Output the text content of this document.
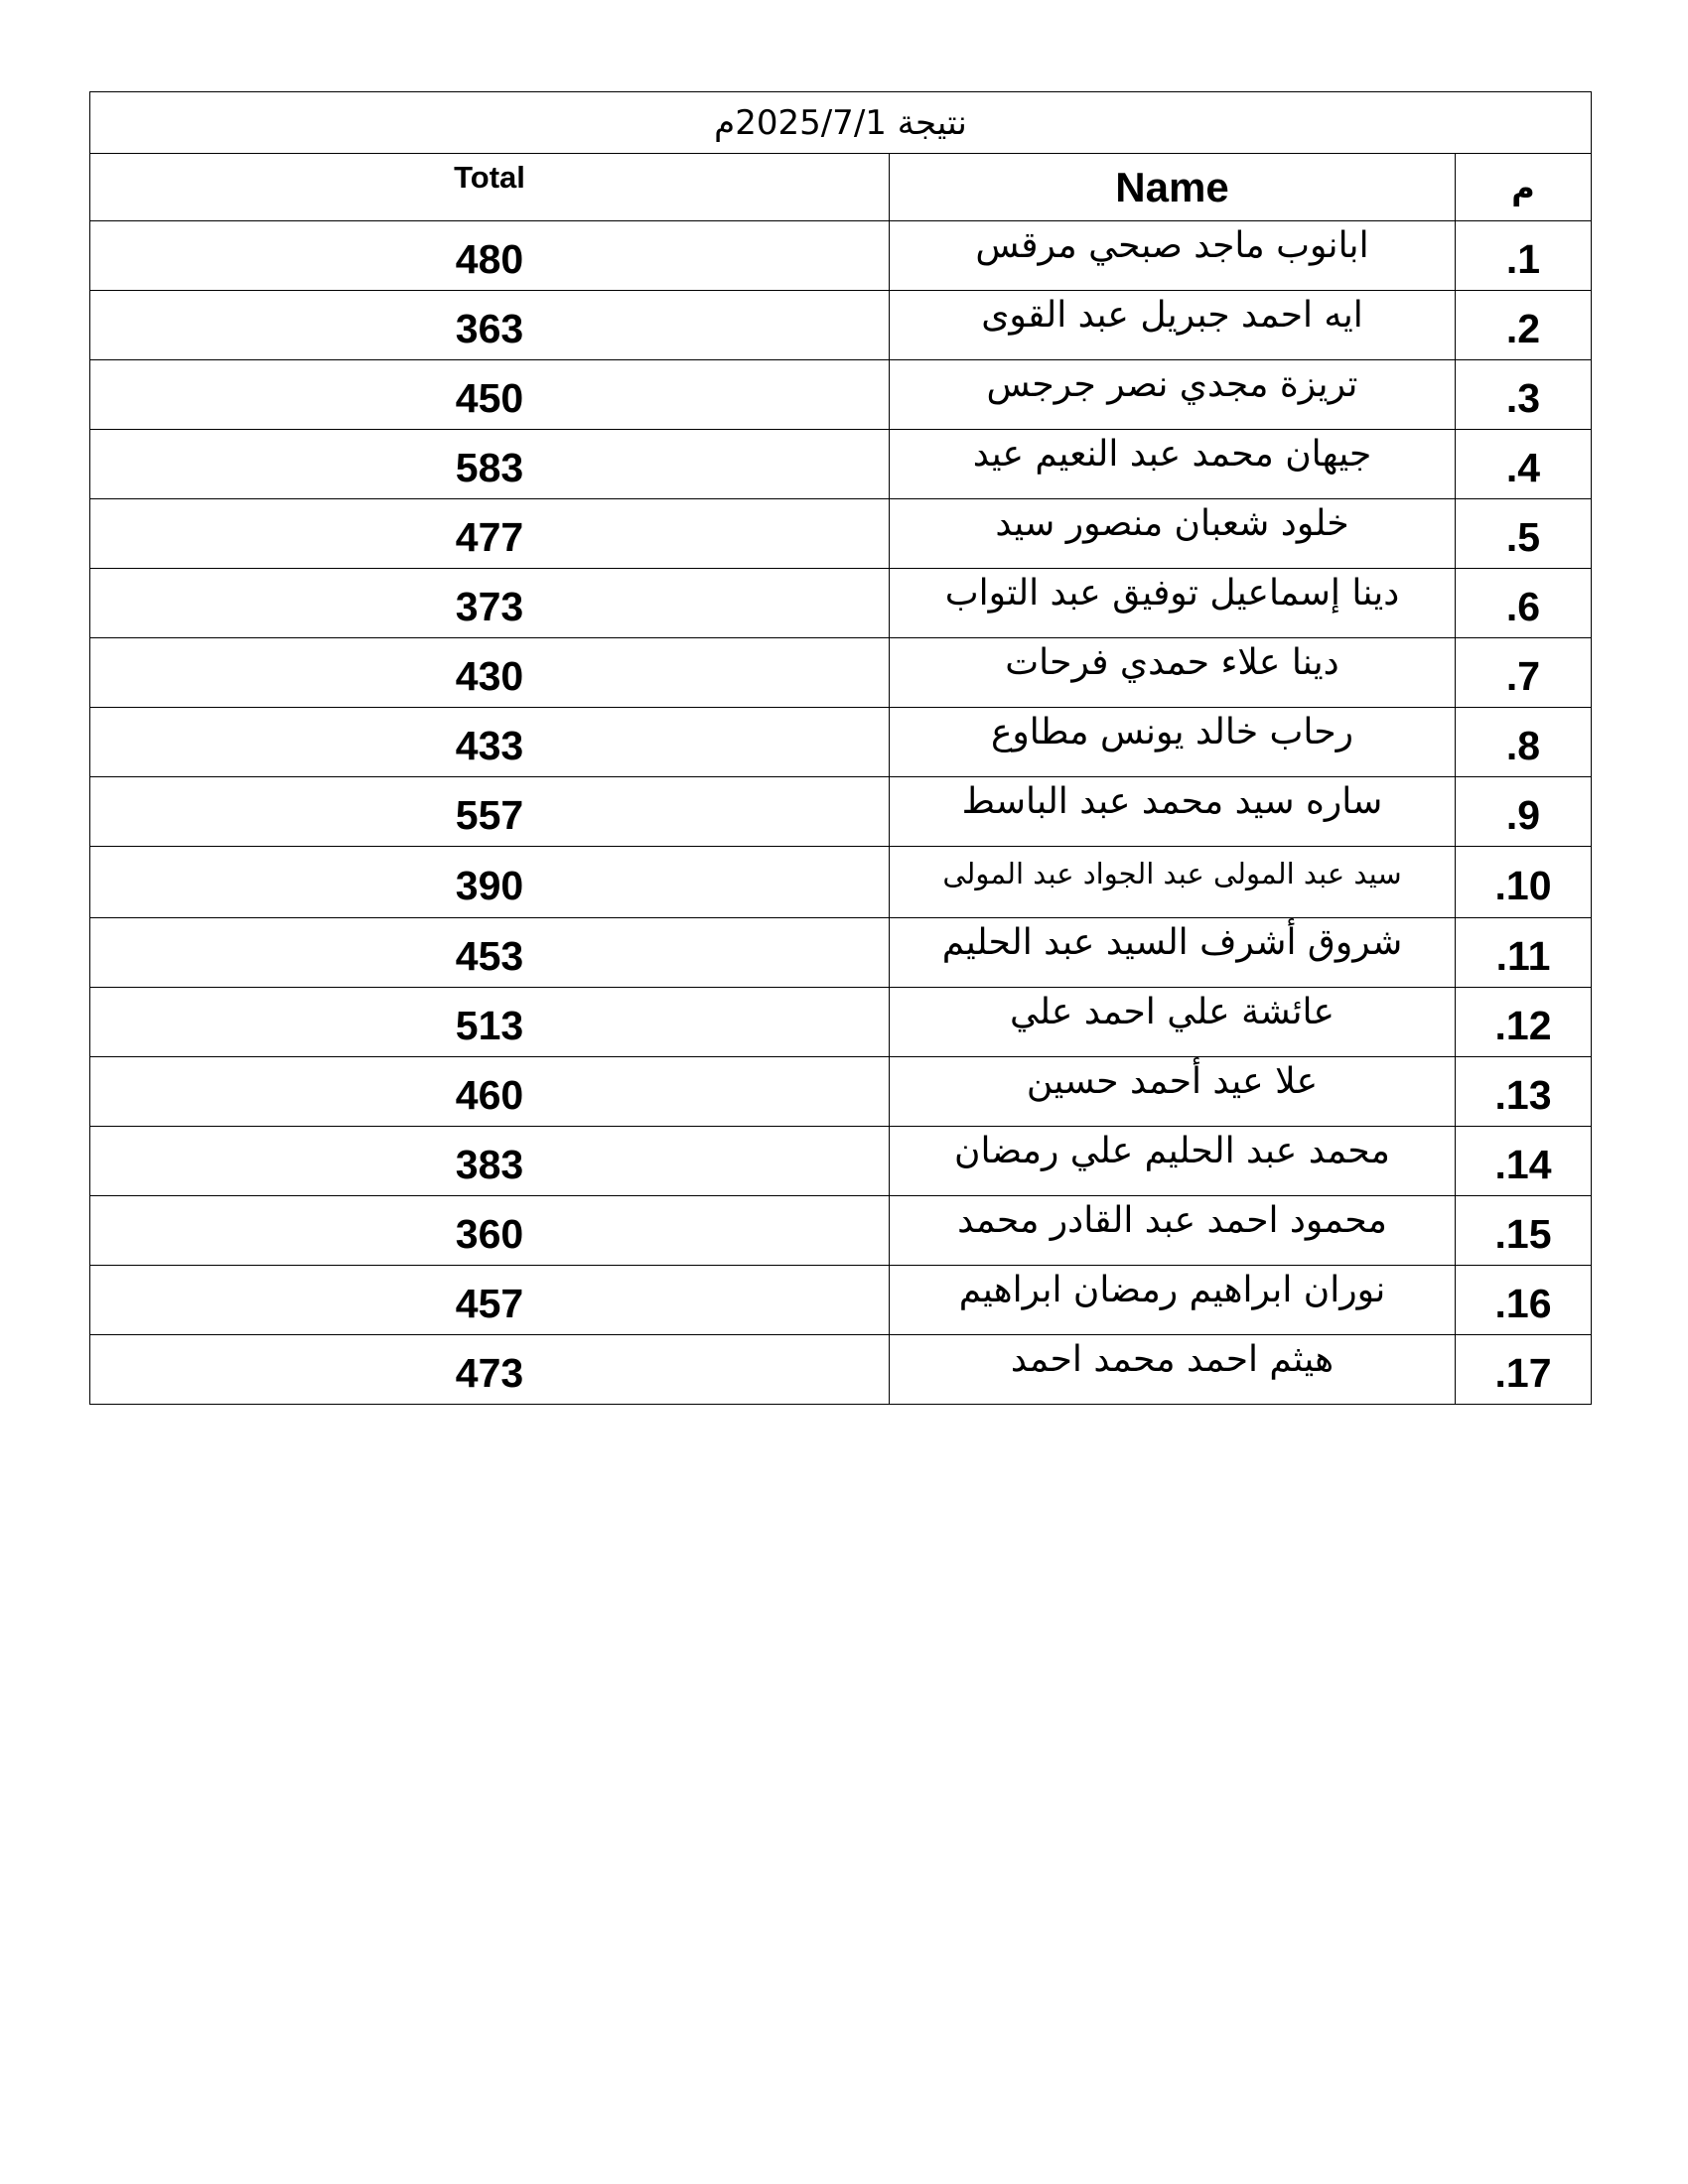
نتيجة 2025/7/1م		
Total	Name	م
480	ابانوب ماجد صبحي مرقس	.1
363	ايه احمد جبريل عبد القوى	.2
450	تريزة مجدي نصر جرجس	.3
583	جيهان محمد عبد النعيم عيد	.4
477	خلود شعبان منصور سيد	.5
373	دينا إسماعيل توفيق عبد التواب	.6
430	دينا علاء حمدي فرحات	.7
433	رحاب خالد يونس مطاوع	.8
557	ساره سيد محمد عبد الباسط	.9
390	سيد عبد المولى عبد الجواد عبد المولى	.10
453	شروق أشرف السيد عبد الحليم	.11
513	عائشة علي احمد علي	.12
460	علا عيد أحمد حسين	.13
383	محمد عبد الحليم علي رمضان	.14
360	محمود احمد عبد القادر محمد	.15
457	نوران ابراهيم رمضان ابراهيم	.16
473	هيثم احمد محمد احمد	.17
